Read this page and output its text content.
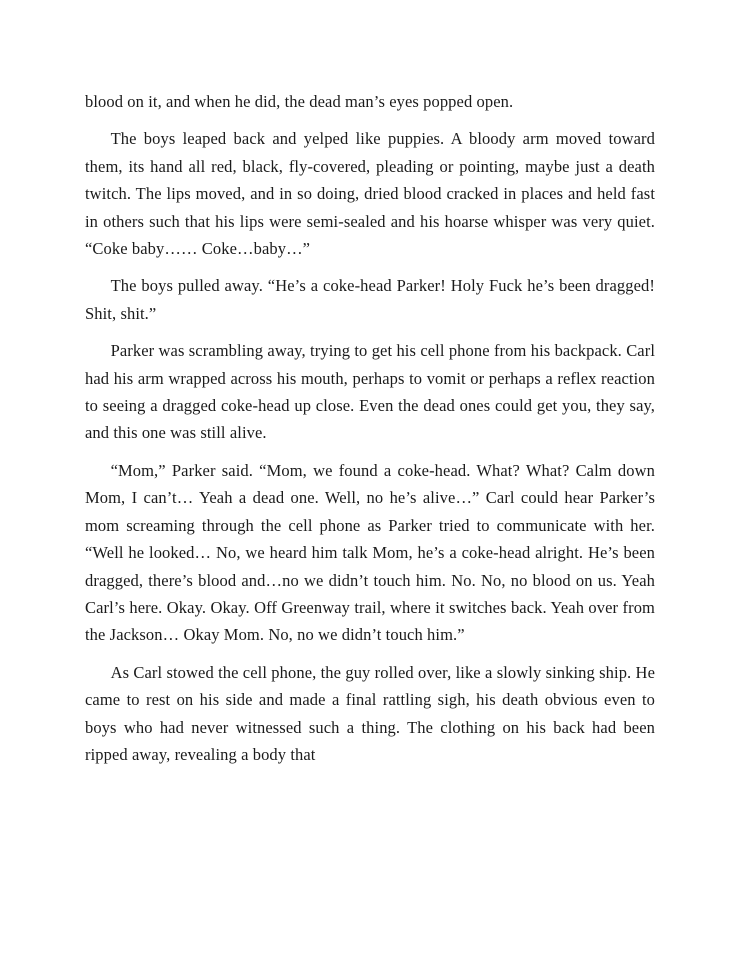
blood on it, and when he did, the dead man’s eyes popped open.

The boys leaped back and yelped like puppies. A bloody arm moved toward them, its hand all red, black, fly-covered, pleading or pointing, maybe just a death twitch. The lips moved, and in so doing, dried blood cracked in places and held fast in others such that his lips were semi-sealed and his hoarse whisper was very quiet. “Coke baby…… Coke…baby…”

The boys pulled away. “He’s a coke-head Parker! Holy Fuck he’s been dragged! Shit, shit.”

Parker was scrambling away, trying to get his cell phone from his backpack. Carl had his arm wrapped across his mouth, perhaps to vomit or perhaps a reflex reaction to seeing a dragged coke-head up close. Even the dead ones could get you, they say, and this one was still alive.

“Mom,” Parker said. “Mom, we found a coke-head. What? What? Calm down Mom, I can’t… Yeah a dead one. Well, no he’s alive…” Carl could hear Parker’s mom screaming through the cell phone as Parker tried to communicate with her. “Well he looked… No, we heard him talk Mom, he’s a coke-head alright. He’s been dragged, there’s blood and…no we didn’t touch him. No. No, no blood on us. Yeah Carl’s here. Okay. Okay. Off Greenway trail, where it switches back. Yeah over from the Jackson… Okay Mom. No, no we didn’t touch him.”

As Carl stowed the cell phone, the guy rolled over, like a slowly sinking ship. He came to rest on his side and made a final rattling sigh, his death obvious even to boys who had never witnessed such a thing. The clothing on his back had been ripped away, revealing a body that
